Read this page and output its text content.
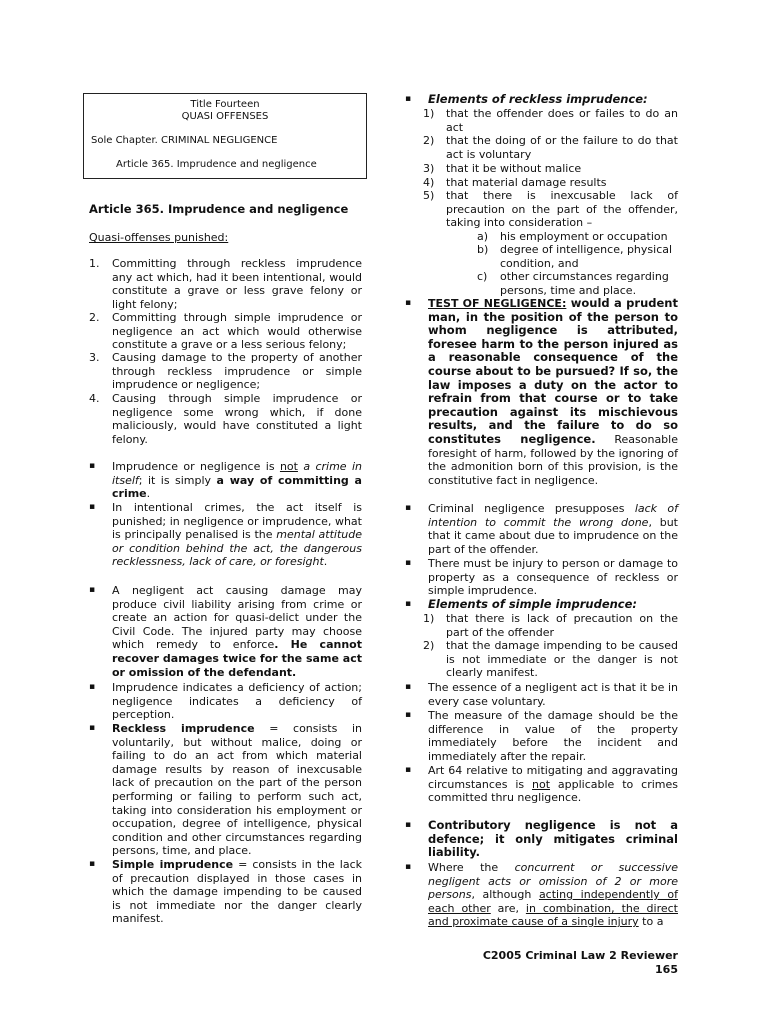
Title Fourteen
QUASI OFFENSES
Sole Chapter. CRIMINAL NEGLIGENCE
Article 365. Imprudence and negligence
Article 365. Imprudence and negligence
Quasi-offenses punished:
1. Committing through reckless imprudence any act which, had it been intentional, would constitute a grave or less grave felony or light felony;
2. Committing through simple imprudence or negligence an act which would otherwise constitute a grave or a less serious felony;
3. Causing damage to the property of another through reckless imprudence or simple imprudence or negligence;
4. Causing through simple imprudence or negligence some wrong which, if done maliciously, would have constituted a light felony.
▪ Imprudence or negligence is not a crime in itself; it is simply a way of committing a crime.
▪ In intentional crimes, the act itself is punished; in negligence or imprudence, what is principally penalised is the mental attitude or condition behind the act, the dangerous recklessness, lack of care, or foresight.
▪ A negligent act causing damage may produce civil liability arising from crime or create an action for quasi-delict under the Civil Code. The injured party may choose which remedy to enforce. He cannot recover damages twice for the same act or omission of the defendant.
▪ Imprudence indicates a deficiency of action; negligence indicates a deficiency of perception.
▪ Reckless imprudence = consists in voluntarily, but without malice, doing or failing to do an act from which material damage results by reason of inexcusable lack of precaution on the part of the person performing or failing to perform such act, taking into consideration his employment or occupation, degree of intelligence, physical condition and other circumstances regarding persons, time, and place.
▪ Simple imprudence = consists in the lack of precaution displayed in those cases in which the damage impending to be caused is not immediate nor the danger clearly manifest.
▪ Elements of reckless imprudence:
1) that the offender does or failes to do an act
2) that the doing of or the failure to do that act is voluntary
3) that it be without malice
4) that material damage results
5) that there is inexcusable lack of precaution on the part of the offender, taking into consideration –
a) his employment or occupation
b) degree of intelligence, physical condition, and
c) other circumstances regarding persons, time and place.
▪ TEST OF NEGLIGENCE: would a prudent man, in the position of the person to whom negligence is attributed, foresee harm to the person injured as a reasonable consequence of the course about to be pursued? If so, the law imposes a duty on the actor to refrain from that course or to take precaution against its mischievous results, and the failure to do so constitutes negligence. Reasonable foresight of harm, followed by the ignoring of the admonition born of this provision, is the constitutive fact in negligence.
▪ Criminal negligence presupposes lack of intention to commit the wrong done, but that it came about due to imprudence on the part of the offender.
▪ There must be injury to person or damage to property as a consequence of reckless or simple imprudence.
▪ Elements of simple imprudence:
1) that there is lack of precaution on the part of the offender
2) that the damage impending to be caused is not immediate or the danger is not clearly manifest.
▪ The essence of a negligent act is that it be in every case voluntary.
▪ The measure of the damage should be the difference in value of the property immediately before the incident and immediately after the repair.
▪ Art 64 relative to mitigating and aggravating circumstances is not applicable to crimes committed thru negligence.
▪ Contributory negligence is not a defence; it only mitigates criminal liability.
▪ Where the concurrent or successive negligent acts or omission of 2 or more persons, although acting independently of each other are, in combination, the direct and proximate cause of a single injury to a
C2005 Criminal Law 2 Reviewer
165
